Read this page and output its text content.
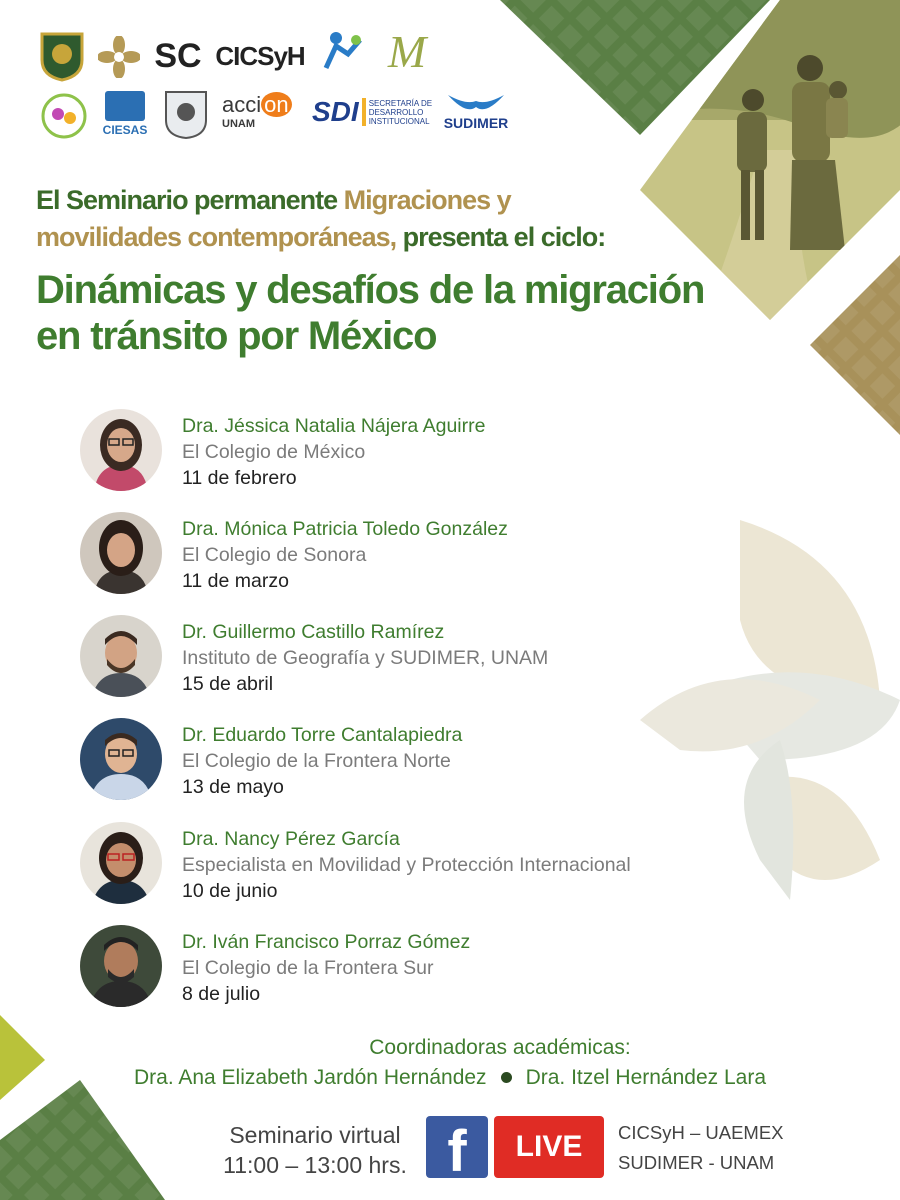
SC CICSyH M
CIESAS
acci on
UNAM SDI SECRETARÍA DE
DESARROLLO
INSTITUCIONAL SUDIMER
El Seminario permanente Migraciones y
movilidades contemporáneas, presenta el ciclo:
Dinámicas y desafíos de la migración
en tránsito por México
Dra. Jéssica Natalia Nájera Aguirre
El Colegio de México
11 de febrero
Dra. Mónica Patricia Toledo González
El Colegio de Sonora
11 de marzo
Dr. Guillermo Castillo Ramírez
Instituto de Geografía y SUDIMER, UNAM
15 de abril
Dr. Eduardo Torre Cantalapiedra
El Colegio de la Frontera Norte
13 de mayo
Dra. Nancy Pérez García
Especialista en Movilidad y Protección Internacional
10 de junio
Dr. Iván Francisco Porraz Gómez
El Colegio de la Frontera Sur
8 de julio
Coordinadoras académicas:
Dra. Ana Elizabeth Jardón Hernández Dra. Itzel Hernández Lara
Seminario virtual
11:00 – 13:00 hrs. f	LIVE	CICSyH – UAEMEX
SUDIMER - UNAM
